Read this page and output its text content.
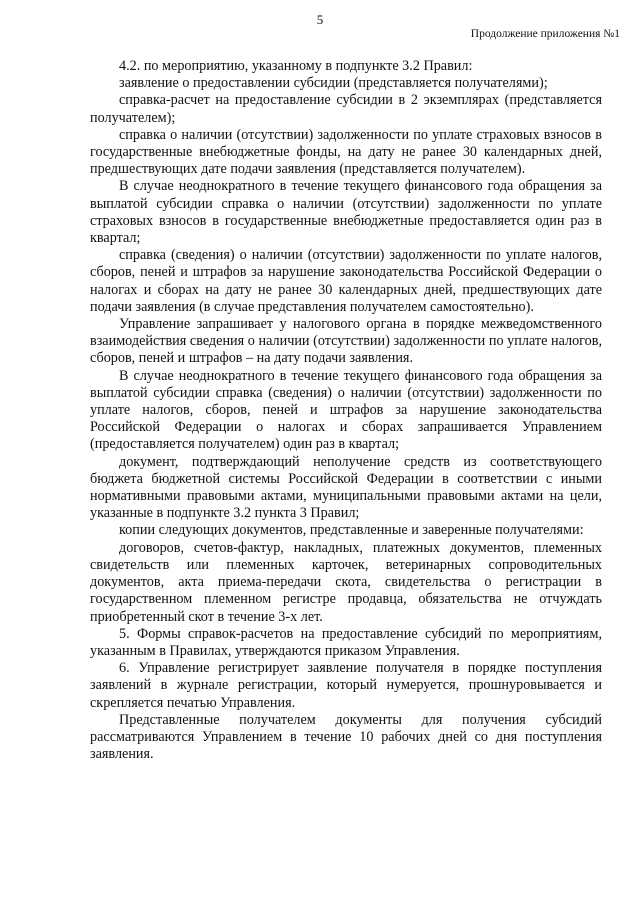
5
Продолжение приложения №1

4.2. по мероприятию, указанному в подпункте 3.2 Правил:

заявление о предоставлении субсидии (представляется получателями);

справка-расчет на предоставление субсидии в 2 экземплярах (представляется получателем);

справка о наличии (отсутствии) задолженности по уплате страховых взносов в государственные внебюджетные фонды, на дату не ранее 30 календарных дней, предшествующих дате подачи заявления (представляется получателем).

В случае неоднократного в течение текущего финансового года обращения за выплатой субсидии справка о наличии (отсутствии) задолженности по уплате страховых взносов в государственные внебюджетные предоставляется один раз в квартал;

справка (сведения) о наличии (отсутствии) задолженности по уплате налогов, сборов, пеней и штрафов за нарушение законодательства Российской Федерации о налогах и сборах на дату не ранее 30 календарных дней, предшествующих дате подачи заявления (в случае представления получателем самостоятельно).

Управление запрашивает у налогового органа в порядке межведомственного взаимодействия сведения о наличии (отсутствии) задолженности по уплате налогов, сборов, пеней и штрафов – на дату подачи заявления.

В случае неоднократного в течение текущего финансового года обращения за выплатой субсидии справка (сведения) о наличии (отсутствии) задолженности по уплате налогов, сборов, пеней и штрафов за нарушение законодательства Российской Федерации о налогах и сборах запрашивается Управлением (предоставляется получателем) один раз в квартал;

документ, подтверждающий неполучение средств из соответствующего бюджета бюджетной системы Российской Федерации в соответствии с иными нормативными правовыми актами, муниципальными правовыми актами на цели, указанные в подпункте 3.2 пункта 3 Правил;

копии следующих документов, представленные и заверенные получателями:

договоров, счетов-фактур, накладных, платежных документов, племенных свидетельств или племенных карточек, ветеринарных сопроводительных документов, акта приема-передачи скота, свидетельства о регистрации в государственном племенном регистре продавца, обязательства не отчуждать приобретенный скот в течение 3-х лет.

5. Формы справок-расчетов на предоставление субсидий по мероприятиям, указанным в Правилах, утверждаются приказом Управления.

6. Управление регистрирует заявление получателя в порядке поступления заявлений в журнале регистрации, который нумеруется, прошнуровывается и скрепляется печатью Управления.

Представленные получателем документы для получения субсидий рассматриваются Управлением в течение 10 рабочих дней со дня поступления заявления.
